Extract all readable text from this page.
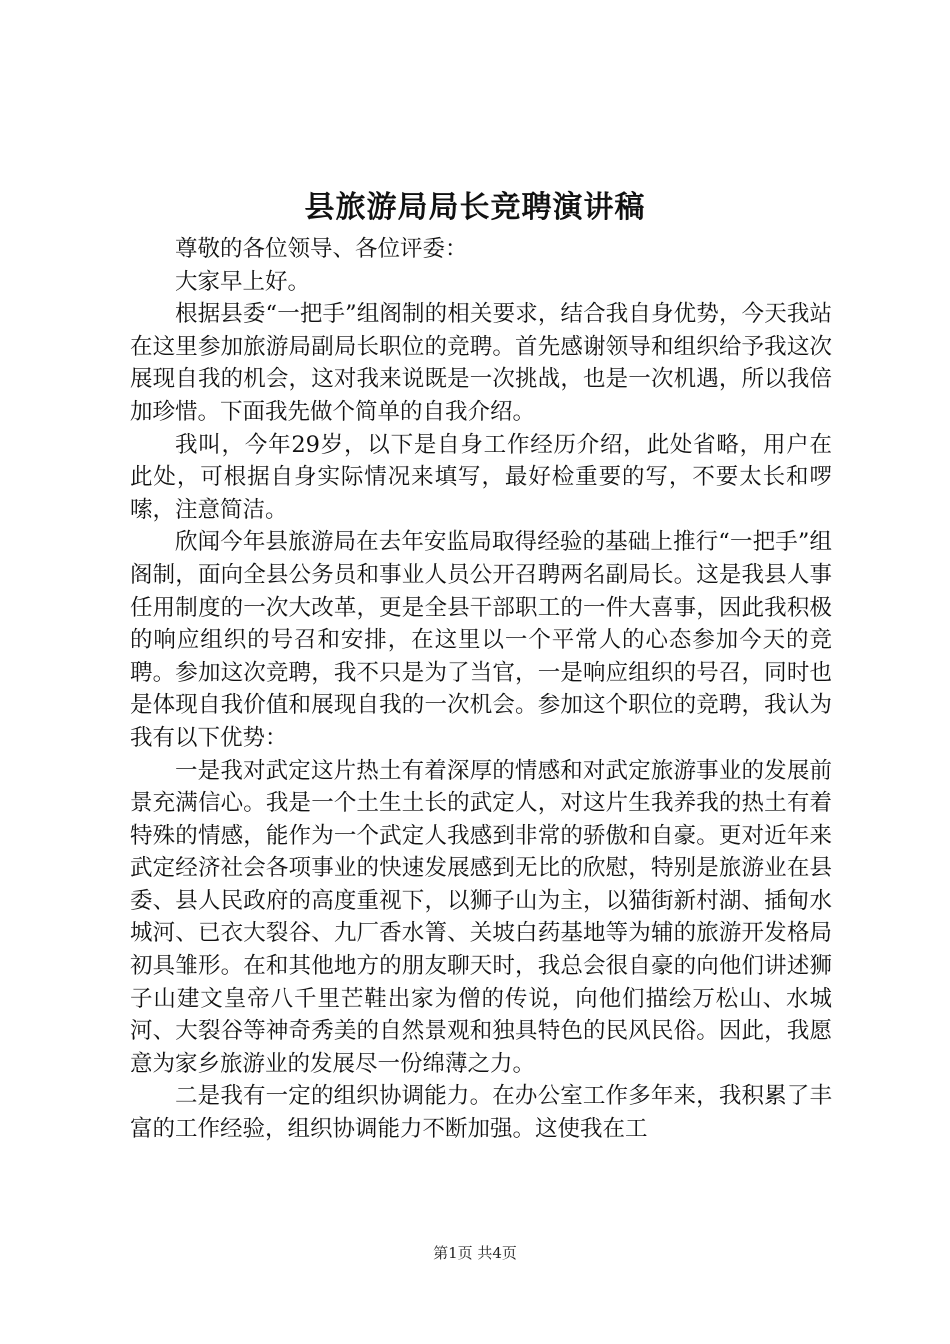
县旅游局局长竞聘演讲稿

尊敬的各位领导、各位评委：

大家早上好。

根据县委“一把手”组阁制的相关要求，结合我自身优势，今天我站在这里参加旅游局副局长职位的竞聘。首先感谢领导和组织给予我这次展现自我的机会，这对我来说既是一次挑战，也是一次机遇，所以我倍加珍惜。下面我先做个简单的自我介绍。

我叫，今年29岁，以下是自身工作经历介绍，此处省略，用户在此处，可根据自身实际情况来填写，最好检重要的写，不要太长和啰嗦，注意简洁。

欣闻今年县旅游局在去年安监局取得经验的基础上推行“一把手”组阁制，面向全县公务员和事业人员公开召聘两名副局长。这是我县人事任用制度的一次大改革，更是全县干部职工的一件大喜事，因此我积极的响应组织的号召和安排，在这里以一个平常人的心态参加今天的竞聘。参加这次竞聘，我不只是为了当官，一是响应组织的号召，同时也是体现自我价值和展现自我的一次机会。参加这个职位的竞聘，我认为我有以下优势：

一是我对武定这片热土有着深厚的情感和对武定旅游事业的发展前景充满信心。我是一个土生土长的武定人，对这片生我养我的热土有着特殊的情感，能作为一个武定人我感到非常的骄傲和自豪。更对近年来武定经济社会各项事业的快速发展感到无比的欣慰，特别是旅游业在县委、县人民政府的高度重视下，以狮子山为主，以猫街新村湖、插甸水城河、已衣大裂谷、九厂香水箐、关坡白药基地等为辅的旅游开发格局初具雏形。在和其他地方的朋友聊天时，我总会很自豪的向他们讲述狮子山建文皇帝八千里芒鞋出家为僧的传说，向他们描绘万松山、水城河、大裂谷等神奇秀美的自然景观和独具特色的民风民俗。因此，我愿意为家乡旅游业的发展尽一份绵薄之力。

二是我有一定的组织协调能力。在办公室工作多年来，我积累了丰富的工作经验，组织协调能力不断加强。这使我在工

第1页 共4页
